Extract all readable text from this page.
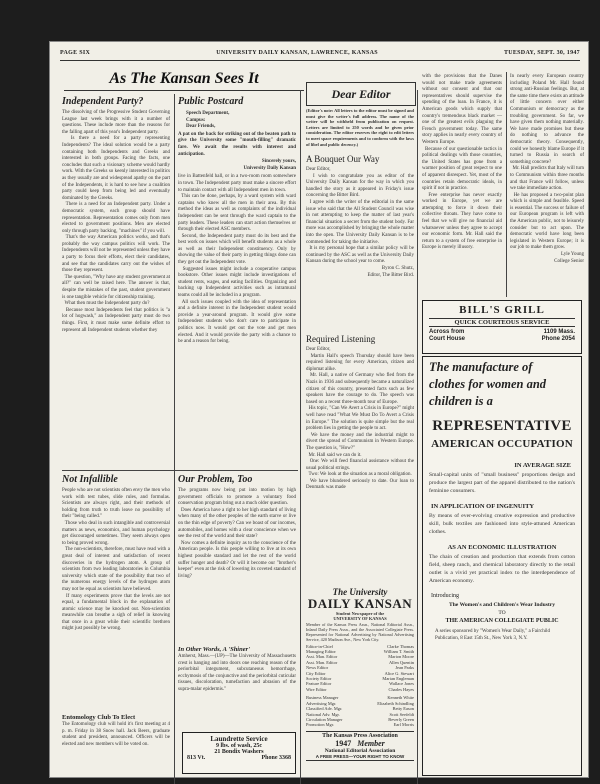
PAGE SIX	UNIVERSITY DAILY KANSAN, LAWRENCE, KANSAS	TUESDAY, SEPT. 30, 1947
As The Kansan Sees It
Independent Party?
The dissolving of the Progressive Student Governing League last week brings with it a number of questions. These include more than the reasons for the falling apart of this year's Independent party.
Is there a need for a party representing Independents? The ideal solution would be a party containing both Independents and Greeks and interested in both groups. Facing the facts, one concludes that such a visionary scheme would hardly work. With the Greeks so keenly interested in politics as they usually are and widespread apathy on the part of the Independents, it is hard to see how a coalition party could keep from being led and eventually dominated by the Greeks.
There is a need for an Independent party. Under a democratic system, each group should have representation. Representation comes only from men elected to government positions. Men are elected only through party backing, "machines" if you will.
That's the way American politics works, and that's probably the way campus politics will work. The Independents will not be represented unless they have a party to focus their efforts, elect their candidates, and see that the candidates carry out the wishes of those they represent.
The question, "Why have any student government at all?" can well be raised here. The answer is that, despite the mistakes of the past, student government is one tangible vehicle for citizenship training.
What then must the Independent party do?
Because most Independents feel that politics is "a lot of hogwash," an Independent party must do two things. First, it must make some definite effort to represent all Independent students whether they
Public Postcard
Speech Department,
Campus:
Dear Friends,
A pat on the back for striking out of the beaten path to give the University some "mouth-filling" dramatic fare. We await the results with interest and anticipation.
Sincerely yours,
University Daily Kansan
live in Battenfeld hall, or in a two-room room somewhere in town. The Independent party must make a sincere effort to maintain contact with all Independent men in town.
This can be done, perhaps, by a ward system with ward captains who knew all the men in their area. By this method the ideas as well as complaints of the individual Independent can be sent through the ward captain to the party leaders. These leaders can start action themselves or through their elected ASC members.
Second, the Independent party must do its best and the best work on issues which will benefit students as a whole as well as their Independent constituency. Only by showing the value of their party in getting things done can they get out the Independent vote.
Suggested issues might include a cooperative campus bookstore. Other issues might include investigations of student rents, wages, and eating facilities. Organizing and backing up Independent activities such as intramural teams could all be included in a program.
All such issues coupled with the idea of representation and a definite interest in the Independent student would provide a year-around program. It would give some Independent students who don't care to participate in politics now. It would get out the vote and get men elected. And it would provide the party with a chance to be and a reason for being.
Not Infallible
People who are not scientists often envy the men who work with test tubes, slide rules, and formulas. Scientists are always right, and their methods of holding from truth to truth leave no possibility of their "being called."
Those who deal in such intangible and controversial matters as news, economics, and human psychology get discouraged sometimes. They seem always open to being proved wrong.
The non-scientists, therefore, must have read with a great deal of interest and satisfaction of recent discoveries in the hydrogen atom. A group of scientists from two leading laboratories in Columbia university which state of the possibility that two of the numerous energy levels of the hydrogen atom may not be equal as scientists have believed.
If many experiments prove that the levels are not equal, a fundamental block in the explanation of atomic science may be knocked out. Non-scientists meanwhile can breathe a sigh of relief in knowing that once in a great while their scientific brethren might just possibly be wrong.
Entomology Club To Elect
The Entomology club will hold it's first meeting at 4 p. m. Friday in 38 Snow hall. Jack Beers, graduate student and president, announced. Officers will be elected and new members will be voted on.
Our Problem, Too
The programs now being put into motion by high government officials to promote a voluntary food conservation program bring out a much older question.
Does America have a right to her high standard of living when many of the other peoples of the earth starve or live on the thin edge of poverty? Can we boast of our incomes, automobiles, and homes with a clear conscience when we see the rest of the world and their state?
Now comes a definite inquiry as to the conscience of the American people. Is this people willing to live at its own highest possible standard and let the rest of the world suffer hunger and death? Or will it become our "brother's keeper" even at the risk of lowering its coveted standard of living?
In Other Words, A 'Shiner'
Amherst, Mass.—(UP)—The University of Massachusetts crest is hanging and into doors one reaching reason of the periorbital integument, subcutaneous hemorrhage, ecchymosis of the conjunctive and the periorbital cuticular tissues, discoloration, tumefaction and abrasion of the supra-malar epidermis."
Laundrette Service
9 lbs. of wash, 25c
21 Bondix Washers
813 Vt.	Phone 3368
Dear Editor
(Editor's note: All letters to the editor must be signed and must give the writer's full address. The name of the writer will be withheld from publication on request. Letters are limited to 250 words and be given prior consideration. The editor reserves the right to edit letters to meet space requirements and to conform with the laws of libel and public decency.)
A Bouquet Our Way
Dear Editor,
I wish to congratulate you as editor of the University Daily Kansan for the way in which you handled the story as it appeared in Friday's issue concerning the Bitter Bird.
I agree with the writer of the editorial in the same issue who said that the All Student Council was wise in not attempting to keep the matter of last year's financial situation a secret from the student body. Far more was accomplished by bringing the whole matter into the open. The University Daily Kansan is to be commended for taking the initiative.
It is my personal hope that a similar policy will be continued by the ASC as well as the University Daily Kansan during the school year to come.
Byron C. Shutz,
Editor, The Bitter Bird.
Required Listening
Dear Editor,
Martin Hall's speech Thursday should have been required listening for every American, citizen and diplomat alike.
Mr. Hall, a native of Germany who fled from the Nazis in 1936 and subsequently became a naturalized citizen of this country, presented facts such as few speakers have the courage to do. The speech was based on a recent three-month tour of Europe.
His topic, "Can We Avert a Crisis in Europe?" might well have read "What We Must Do To Avert a Crisis in Europe." The solution is quite simple but the real problem lies in getting the people to act.
We have the money and the industrial might to divert the spread of Communism in Western Europe. The question is, "How?"
Mr. Hall said we can do it.
One: We will feed financial assistance without the usual political strings.
Two: We look at the situation as a moral obligation.
We have blundered seriously to date. Our loan to Denmark was made
The University
DAILY KANSAN
Student Newspaper of the
UNIVERSITY OF KANSAS
Member of the Kansas Press Assn., National Editorial Assn., Inland Daily Press Assn., and the Associated Collegiate Press. Represented for National Advertising by National Advertising Service, 420 Madison Ave., New York City.
Editor-in-Chief	Clarke Thomas
Managing Editor	William T. Smith
Asst. Man. Editor	Marion Moore
Asst. Man. Editor	Allen Quentin
News Editor	Jean Parks
City Editor	Alice G. Stewart
Society Editor	Marian Engleman
Feature Editor	Wallace Jones
Wire Editor	Charles Hayes
Business Manager	Kenneth White
Advertising Mgr.	Elizabeth Schindling
Classified Adv. Mgr.	Betty Eason
National Adv. Mgr.	Scott Seefeldt
Circulation Manager	Beverly Green
Promotion Mgr.	Earl Morris
The Kansas Press Association
1947 Member
National Editorial Association
A FREE PRESS—YOUR RIGHT TO KNOW
with the provisions that the Danes would not make trade agreements without our consent and that our representatives should supervise the spending of the loan. In France, it is American goods which supply that country's tremendous black market —one of the greatest evils plaguing the French government today. The same story applies in nearly every country of Western Europe.
Because of our questionable tactics in political dealings with those countries, the United States has gone from a warmer position of great respect to one of apparent disrespect. Yet, most of the countries retain democratic ideals, in spirit if not in practice.
Free enterprise has never exactly worked in Europe, yet we are attempting to force it down their collective throats. They have come to feel that we will give no financial aid whatsoever unless they agree to accept our economic form. Mr. Hall said the return to a system of free enterprise in Europe is merely illusory.
In nearly every European country including Poland Mr. Hall found strong anti-Russian feelings. But, at the same time there exists an attitude of little concern over either Communism or democracy as the troubling government. So far, we have given them nothing materially. We have made promises but these do nothing to advance the democratic theory. Consequently, could we honestly blame Europe if it turned to Russia in search of something concrete?
Mr. Hall predicts that Italy will turn to Communism within three months and that France will follow, unless we take immediate action.
He has proposed a two-point plan which is simple and feasible. Speed is essential. The success or failure of our European program is left with the American public, not to leisurely consider but to act upon. The democratic world have long been legislated in Western Europe; it is our job to make them grow.
Lyle Young
College Senior
BILL'S GRILL
QUICK COURTEOUS SERVICE
Across from
Court House
1109 Mass.
Phone 2054
The manufacture of
clothes for women and
children is a
REPRESENTATIVE
AMERICAN OCCUPATION
IN AVERAGE SIZE
Small-capital units of "small business" proportions design and produce the largest part of the apparel distributed to the nation's feminine consumers.
IN APPLICATION OF INGENUITY
By means of ever-evolving creative expression and productive skill, bulk textiles are fashioned into style-attuned American clothes.
AS AN ECONOMIC ILLUSTRATION
The chain of creation and production that extends from cotton field, sheep ranch, and chemical laboratory directly to the retail outlet is a vivid yet practical index to the interdependence of American economy.
Introducing
The Women's and Children's Wear Industry
TO
THE AMERICAN COLLEGIATE PUBLIC
A series sponsored by "Women's Wear Daily," a Fairchild Publication, 8 East 15th St., New York 3, N.Y.
